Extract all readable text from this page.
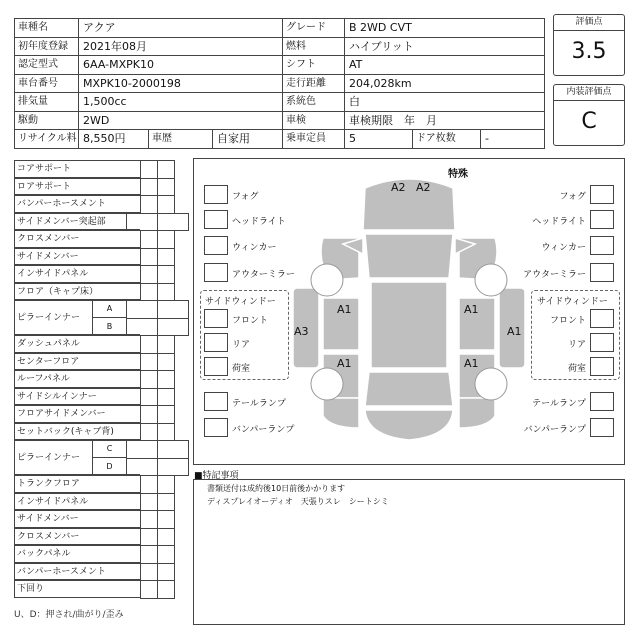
車種名	アクア	グレード	B 2WD CVT
初年度登録	2021年08月	燃料	ハイブリット
認定型式	6AA-MXPK10	シフト	AT
車台番号	MXPK10-2000198	走行距離	204,028km
排気量	1,500cc	系統色	白
駆動	2WD	車検	車検期限　年　月
リサイクル料 8,550円	車歴	自家用	乗車定員	5	ドア枚数	-
評価点
3.5
内装評価点
C
コアサポート
ロアサポート
バンパーホースメント
サイドメンバー突起部
クロスメンバー
サイドメンバー
インサイドパネル
フロア（キャプ床）
ピラーインナー
A
B
ダッシュパネル
センターフロア
ルーフパネル
サイドシルインナー
フロアサイドメンバー
セットバック(キャブ背)
ピラーインナー
C
D
トランクフロア
インサイドパネル
サイドメンバー
クロスメンバー
バックパネル
バンパーホースメント
下回り
U、D：押され/曲がり/歪み
特殊
A2 A2
A1	A1
A3	A1
A1	A1
フォグ
ヘッドライト
ウィンカー
アウターミラー
フォグ
ヘッドライト
ウィンカー
アウターミラー
サイドウィンドー
フロント
リア
荷室
サイドウィンドー
フロント
リア
荷室
テールランプ	テールランプ
バンパーランプ	バンパーランプ
■特記事項
書類送付は成約後10日前後かかります
ディスプレイオーディオ　天張りスレ　シートシミ
